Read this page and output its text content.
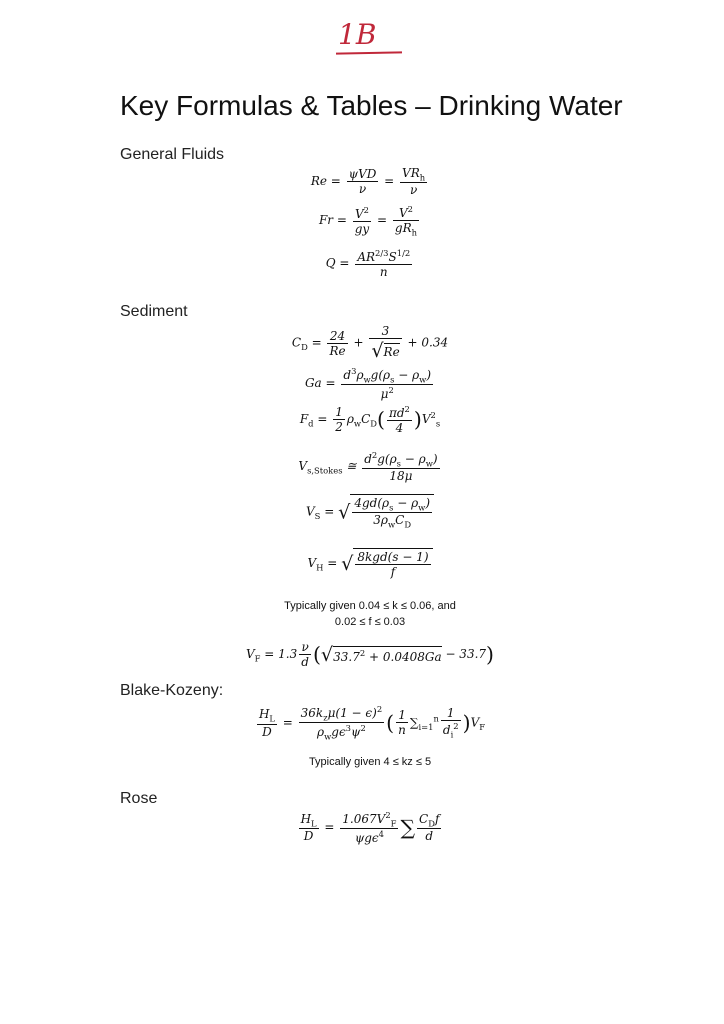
1B
Key Formulas & Tables – Drinking Water
General Fluids
$Re = \frac{\text{ψVD}}{\nu} = \frac{VR_h}{\nu}$
$Fr = \frac{V^2}{gy} = \frac{V^2}{gR_h}$
$Q = \frac{AR^{2/3}S^{1/2}}{n}$
Sediment
$C_D = \frac{24}{Re} + \frac{3}{√Re} + 0.34$
$Ga = \frac{d^3\rho_wg(\rho_s - \rho_w)}{\mu^2}$
$F_d = \frac{1}{2} \rho_wC_D( \frac{\pi d^2}{4} )V^2_s$
$V_{s,Stokes}$ ≅ $\frac{d^2g(\rho_s - \rho_w)}{18\mu}$
$V_S$ = √ $\frac{4gd(\rho_s - \rho_w)}{3\rho_wC_D}$
$V_H$ = √ $\frac{\text{8kgd(s − 1)}}{f}$
Typically given 0.04 ≤ k ≤ 0.06, and
0.02 ≤ f ≤ 0.03
$V_F = 1.3 \frac{\nu}{d} (√33.7^2 + 0.0408Ga - 33.7)$
Blake-Kozeny:
$\frac{H_L}{D} = \frac{36k_z\mu(1 - \epsilon)^2}{\rho_wg\epsilon^3\psi^2}$ ( $\frac{1}{n} \sum_{i=1}^n \frac{1}{d_i^2} )V_F$
Typically given 4 ≤ kz ≤ 5
Rose
$\frac{H_L}{D} = \frac{1.067V^2_F}{\psi g\epsilon^4}$ ∑ $\frac{C_Df}{d}$
